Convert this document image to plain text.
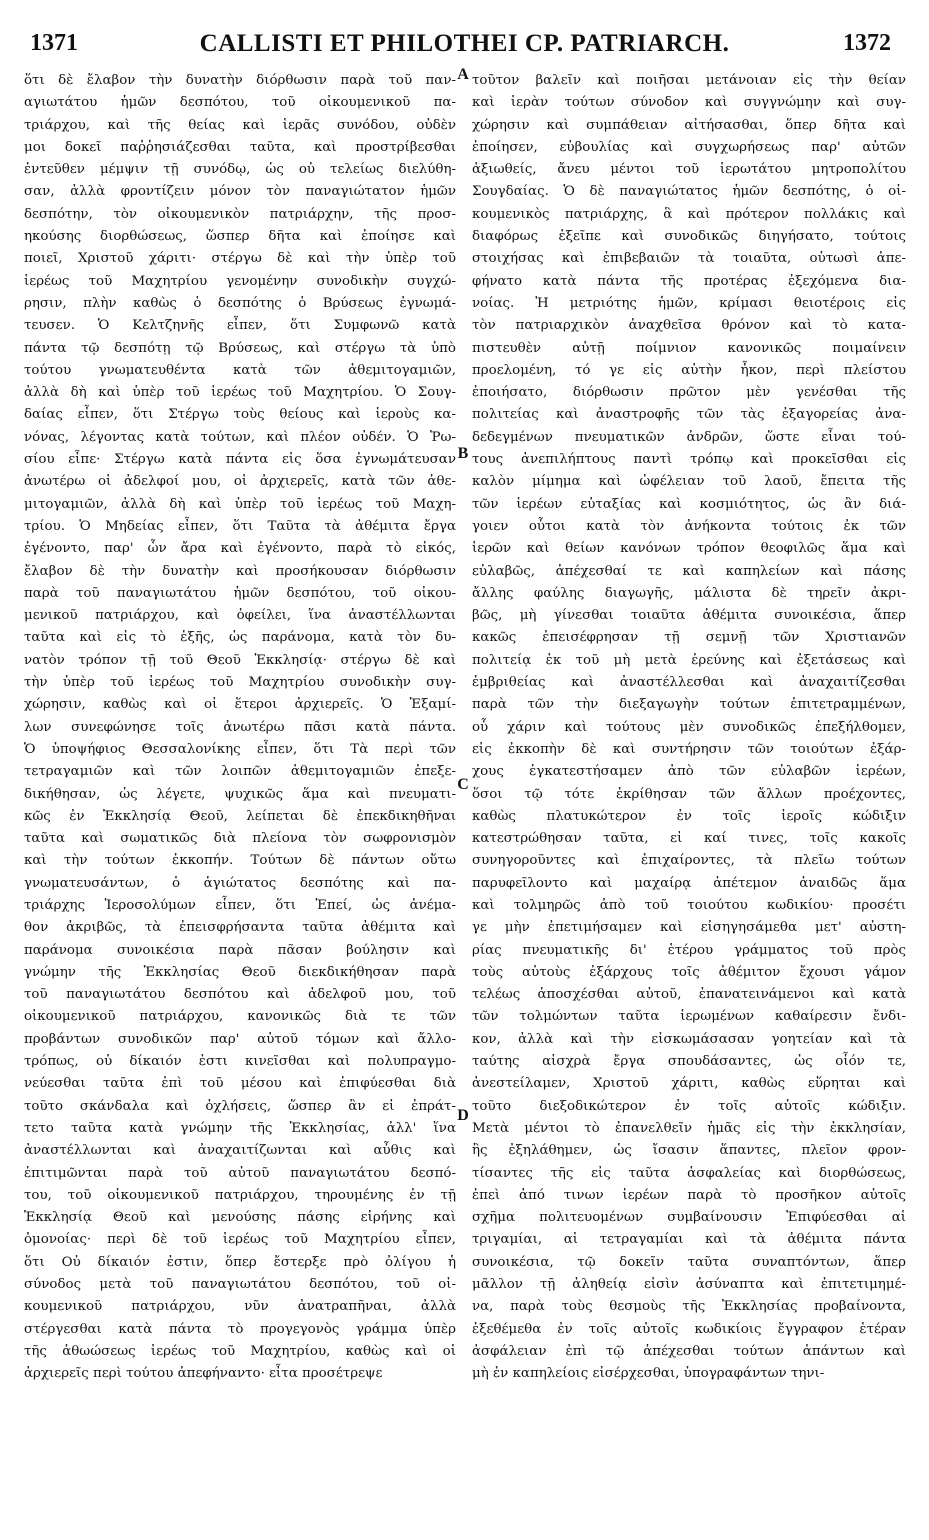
1371	CALLISTI ET PHILOTHEI CP. PATRIARCH.	1372
ὅτι δὲ ἔλαβον τὴν δυνατὴν διόρθωσιν παρὰ τοῦ παν-
αγιωτάτου ἡμῶν δεσπότου, τοῦ οἰκουμενικοῦ πα-
τριάρχου, καὶ τῆς θείας καὶ ἱερᾶς συνόδου, οὐδὲν
μοι δοκεῖ παῤῥησιάζεσθαι ταῦτα, καὶ προστρίβεσθαι
ἐντεῦθεν μέμψιν τῇ συνόδῳ, ὡς οὐ τελείως διελύθη-
σαν, ἀλλὰ φροντίζειν μόνον τὸν παναγιώτατον ἡμῶν
δεσπότην, τὸν οἰκουμενικὸν πατριάρχην, τῆς προσ-
ηκούσης διορθώσεως, ὥσπερ δῆτα καὶ ἐποίησε καὶ
ποιεῖ, Χριστοῦ χάριτι· στέργω δὲ καὶ τὴν ὑπὲρ τοῦ
ἱερέως τοῦ Μαχητρίου γενομένην συνοδικὴν συγχώ-
ρησιν, πλὴν καθὼς ὁ δεσπότης ὁ Βρύσεως ἐγνωμά-
τευσεν. Ὁ Κελτζηνῆς εἶπεν, ὅτι Συμφωνῶ κατὰ
πάντα τῷ δεσπότῃ τῷ Βρύσεως, καὶ στέργω τὰ ὑπὸ
τούτου γνωματευθέντα κατὰ τῶν ἀθεμιτογαμιῶν,
ἀλλὰ δὴ καὶ ὑπὲρ τοῦ ἱερέως τοῦ Μαχητρίου. Ὁ Σουγ-
δαίας εἶπεν, ὅτι Στέργω τοὺς θείους καὶ ἱεροὺς κα-
νόνας, λέγοντας κατὰ τούτων, καὶ πλέον οὐδέν. Ὁ Ῥω-
σίου εἶπε· Στέργω κατὰ πάντα εἰς ὅσα ἐγνωμάτευσαν
ἀνωτέρω οἱ ἀδελφοί μου, οἱ ἀρχιερεῖς, κατὰ τῶν ἀθε-
μιτογαμιῶν, ἀλλὰ δὴ καὶ ὑπὲρ τοῦ ἱερέως τοῦ Μαχη-
τρίου. Ὁ Μηδείας εἶπεν, ὅτι Ταῦτα τὰ ἀθέμιτα ἔργα
ἐγένοντο, παρ' ὧν ἄρα καὶ ἐγένοντο, παρὰ τὸ εἰκός,
ἔλαβον δὲ τὴν δυνατὴν καὶ προσήκουσαν διόρθωσιν
παρὰ τοῦ παναγιωτάτου ἡμῶν δεσπότου, τοῦ οἰκου-
μενικοῦ πατριάρχου, καὶ ὀφείλει, ἵνα ἀναστέλλωνται
ταῦτα καὶ εἰς τὸ ἑξῆς, ὡς παράνομα, κατὰ τὸν δυ-
νατὸν τρόπον τῇ τοῦ Θεοῦ Ἐκκλησίᾳ· στέργω δὲ καὶ
τὴν ὑπὲρ τοῦ ἱερέως τοῦ Μαχητρίου συνοδικὴν συγ-
χώρησιν, καθὼς καὶ οἱ ἕτεροι ἀρχιερεῖς. Ὁ Ἐξαμί-
λων συνεφώνησε τοῖς ἀνωτέρω πᾶσι κατὰ πάντα.
Ὁ ὑποψήφιος Θεσσαλονίκης εἶπεν, ὅτι Τὰ περὶ τῶν
τετραγαμιῶν καὶ τῶν λοιπῶν ἀθεμιτογαμιῶν ἐπεξε-
δικήθησαν, ὡς λέγετε, ψυχικῶς ἅμα καὶ πνευματι-
κῶς ἐν Ἐκκλησίᾳ Θεοῦ, λείπεται δὲ ἐπεκδικηθῆναι
ταῦτα καὶ σωματικῶς διὰ πλείονα τὸν σωφρονισμὸν
καὶ τὴν τούτων ἐκκοπήν. Τούτων δὲ πάντων οὕτω
γνωματευσάντων, ὁ ἁγιώτατος δεσπότης καὶ πα-
τριάρχης Ἱεροσολύμων εἶπεν, ὅτι Ἐπεί, ὡς ἀνέμα-
θον ἀκριβῶς, τὰ ἐπεισφρήσαντα ταῦτα ἀθέμιτα καὶ
παράνομα συνοικέσια παρὰ πᾶσαν βούλησιν καὶ
γνώμην τῆς Ἐκκλησίας Θεοῦ διεκδικήθησαν παρὰ
τοῦ παναγιωτάτου δεσπότου καὶ ἀδελφοῦ μου, τοῦ
οἰκουμενικοῦ πατριάρχου, κανονικῶς διὰ τε τῶν
προβάντων συνοδικῶν παρ' αὐτοῦ τόμων καὶ ἄλλο-
τρόπως, οὐ δίκαιόν ἐστι κινεῖσθαι καὶ πολυπραγμο-
νεύεσθαι ταῦτα ἐπὶ τοῦ μέσου καὶ ἐπιφύεσθαι διὰ
τοῦτο σκάνδαλα καὶ ὀχλήσεις, ὥσπερ ἂν εἰ ἐπράτ-
τετο ταῦτα κατὰ γνώμην τῆς Ἐκκλησίας, ἀλλ' ἵνα
ἀναστέλλωνται καὶ ἀναχαιτίζωνται καὶ αὖθις καὶ
ἐπιτιμῶνται παρὰ τοῦ αὐτοῦ παναγιωτάτου δεσπό-
του, τοῦ οἰκουμενικοῦ πατριάρχου, τηρουμένης ἐν τῇ
Ἐκκλησίᾳ Θεοῦ καὶ μενούσης πάσης εἰρήνης καὶ
ὁμονοίας· περὶ δὲ τοῦ ἱερέως τοῦ Μαχητρίου εἶπεν,
ὅτι Οὐ δίκαιόν ἐστιν, ὅπερ ἔστερξε πρὸ ὀλίγου ἡ
σύνοδος μετὰ τοῦ παναγιωτάτου δεσπότου, τοῦ οἰ-
κουμενικοῦ πατριάρχου, νῦν ἀνατραπῆναι, ἀλλὰ
στέργεσθαι κατὰ πάντα τὸ προγεγονὸς γράμμα ὑπὲρ
τῆς ἀθωώσεως ἱερέως τοῦ Μαχητρίου, καθὼς καὶ οἱ
ἀρχιερεῖς περὶ τούτου ἀπεφήναντο· εἶτα προσέτρεψε
τοῦτον βαλεῖν καὶ ποιῆσαι μετάνοιαν εἰς τὴν θείαν
καὶ ἱερὰν τούτων σύνοδον καὶ συγγνώμην καὶ συγ-
χώρησιν καὶ συμπάθειαν αἰτήσασθαι, ὅπερ δῆτα καὶ
ἐποίησεν, εὐβουλίας καὶ συγχωρήσεως παρ' αὐτῶν
ἀξιωθείς, ἄνευ μέντοι τοῦ ἱερωτάτου μητροπολίτου
Σουγδαίας. Ὁ δὲ παναγιώτατος ἡμῶν δεσπότης, ὁ οἰ-
κουμενικὸς πατριάρχης, ἃ καὶ πρότερον πολλάκις καὶ
διαφόρως ἐξεῖπε καὶ συνοδικῶς διηγήσατο, τούτοις
στοιχήσας καὶ ἐπιβεβαιῶν τὰ τοιαῦτα, οὑτωσὶ ἀπε-
φήνατο κατὰ πάντα τῆς προτέρας ἐξεχόμενα δια-
νοίας. Ἡ μετριότης ἡμῶν, κρίμασι θειοτέροις εἰς
τὸν πατριαρχικὸν ἀναχθεῖσα θρόνον καὶ τὸ κατα-
πιστευθὲν αὐτῇ ποίμνιον κανονικῶς ποιμαίνειν
προελομένη, τό γε εἰς αὐτὴν ἧκον, περὶ πλείστου
ἐποιήσατο, διόρθωσιν πρῶτον μὲν γενέσθαι τῆς
πολιτείας καὶ ἀναστροφῆς τῶν τὰς ἐξαγορείας ἀνα-
δεδεγμένων πνευματικῶν ἀνδρῶν, ὥστε εἶναι τού-
τους ἀνεπιλήπτους παντὶ τρόπῳ καὶ προκεῖσθαι εἰς
καλὸν μίμημα καὶ ὠφέλειαν τοῦ λαοῦ, ἔπειτα τῆς
τῶν ἱερέων εὐταξίας καὶ κοσμιότητος, ὡς ἂν διά-
γοιεν οὗτοι κατὰ τὸν ἀνήκοντα τούτοις ἐκ τῶν
ἱερῶν καὶ θείων κανόνων τρόπον θεοφιλῶς ἅμα καὶ
εὐλαβῶς, ἀπέχεσθαί τε καὶ καπηλείων καὶ πάσης
ἄλλης φαύλης διαγωγῆς, μάλιστα δὲ τηρεῖν ἀκρι-
βῶς, μὴ γίνεσθαι τοιαῦτα ἀθέμιτα συνοικέσια, ἅπερ
κακῶς ἐπεισέφρησαν τῇ σεμνῇ τῶν Χριστιανῶν
πολιτείᾳ ἐκ τοῦ μὴ μετὰ ἐρεύνης καὶ ἐξετάσεως καὶ
ἐμβριθείας καὶ ἀναστέλλεσθαι καὶ ἀναχαιτίζεσθαι
παρὰ τῶν τὴν διεξαγωγὴν τούτων ἐπιτετραμμένων,
οὗ χάριν καὶ τούτους μὲν συνοδικῶς ἐπεξήλθομεν,
εἰς ἐκκοπὴν δὲ καὶ συντήρησιν τῶν τοιούτων ἐξάρ-
χους ἐγκατεστήσαμεν ἀπὸ τῶν εὐλαβῶν ἱερέων,
ὅσοι τῷ τότε ἐκρίθησαν τῶν ἄλλων προέχοντες,
καθὼς πλατυκώτερον ἐν τοῖς ἱεροῖς κώδιξιν
κατεστρώθησαν ταῦτα, εἰ καί τινες, τοῖς κακοῖς
συνηγοροῦντες καὶ ἐπιχαίροντες, τὰ πλεῖω τούτων
παρυφεῖλοντο καὶ μαχαίρᾳ ἀπέτεμον ἀναιδῶς ἅμα
καὶ τολμηρῶς ἀπὸ τοῦ τοιούτου κωδικίου· προσέτι
γε μὴν ἐπετιμήσαμεν καὶ εἰσηγησάμεθα μετ' αὐστη-
ρίας πνευματικῆς δι' ἑτέρου γράμματος τοῦ πρὸς
τοὺς αὐτοὺς ἐξάρχους τοῖς ἀθέμιτον ἔχουσι γάμον
τελέως ἀποσχέσθαι αὐτοῦ, ἐπανατεινάμενοι καὶ κατὰ
τῶν τολμώντων ταῦτα ἱερωμένων καθαίρεσιν ἔνδι-
κον, ἀλλὰ καὶ τὴν εἰσκωμάσασαν γοητείαν καὶ τὰ
ταύτης αἰσχρὰ ἔργα σπουδάσαντες, ὡς οἷόν τε,
ἀνεστείλαμεν, Χριστοῦ χάριτι, καθὼς εὕρηται καὶ
τοῦτο διεξοδικώτερον ἐν τοῖς αὐτοῖς κώδιξιν.
Μετὰ μέντοι τὸ ἐπανελθεῖν ἡμᾶς εἰς τὴν ἐκκλησίαν,
ἣς ἐξηλάθημεν, ὡς ἴσασιν ἅπαντες, πλεῖον φρον-
τίσαντες τῆς εἰς ταῦτα ἀσφαλείας καὶ διορθώσεως,
ἐπεὶ ἀπό τινων ἱερέων παρὰ τὸ προσῆκον αὐτοῖς
σχῆμα πολιτευομένων συμβαίνουσιν Ἐπιφύεσθαι αἱ
τριγαμίαι, αἱ τετραγαμίαι καὶ τὰ ἀθέμιτα πάντα
συνοικέσια, τῷ δοκεῖν ταῦτα συναπτόντων, ἅπερ
μᾶλλον τῇ ἀληθείᾳ εἰσὶν ἀσύναπτα καὶ ἐπιτετιμημέ-
να, παρὰ τοὺς θεσμοὺς τῆς Ἐκκλησίας προβαίνοντα,
ἐξεθέμεθα ἐν τοῖς αὐτοῖς κωδικίοις ἔγγραφον ἑτέραν
ἀσφάλειαν ἐπὶ τῷ ἀπέχεσθαι τούτων ἁπάντων καὶ
μὴ ἐν καπηλείοις εἰσέρχεσθαι, ὑπογραφάντων τηνι-
A
B
C
D
